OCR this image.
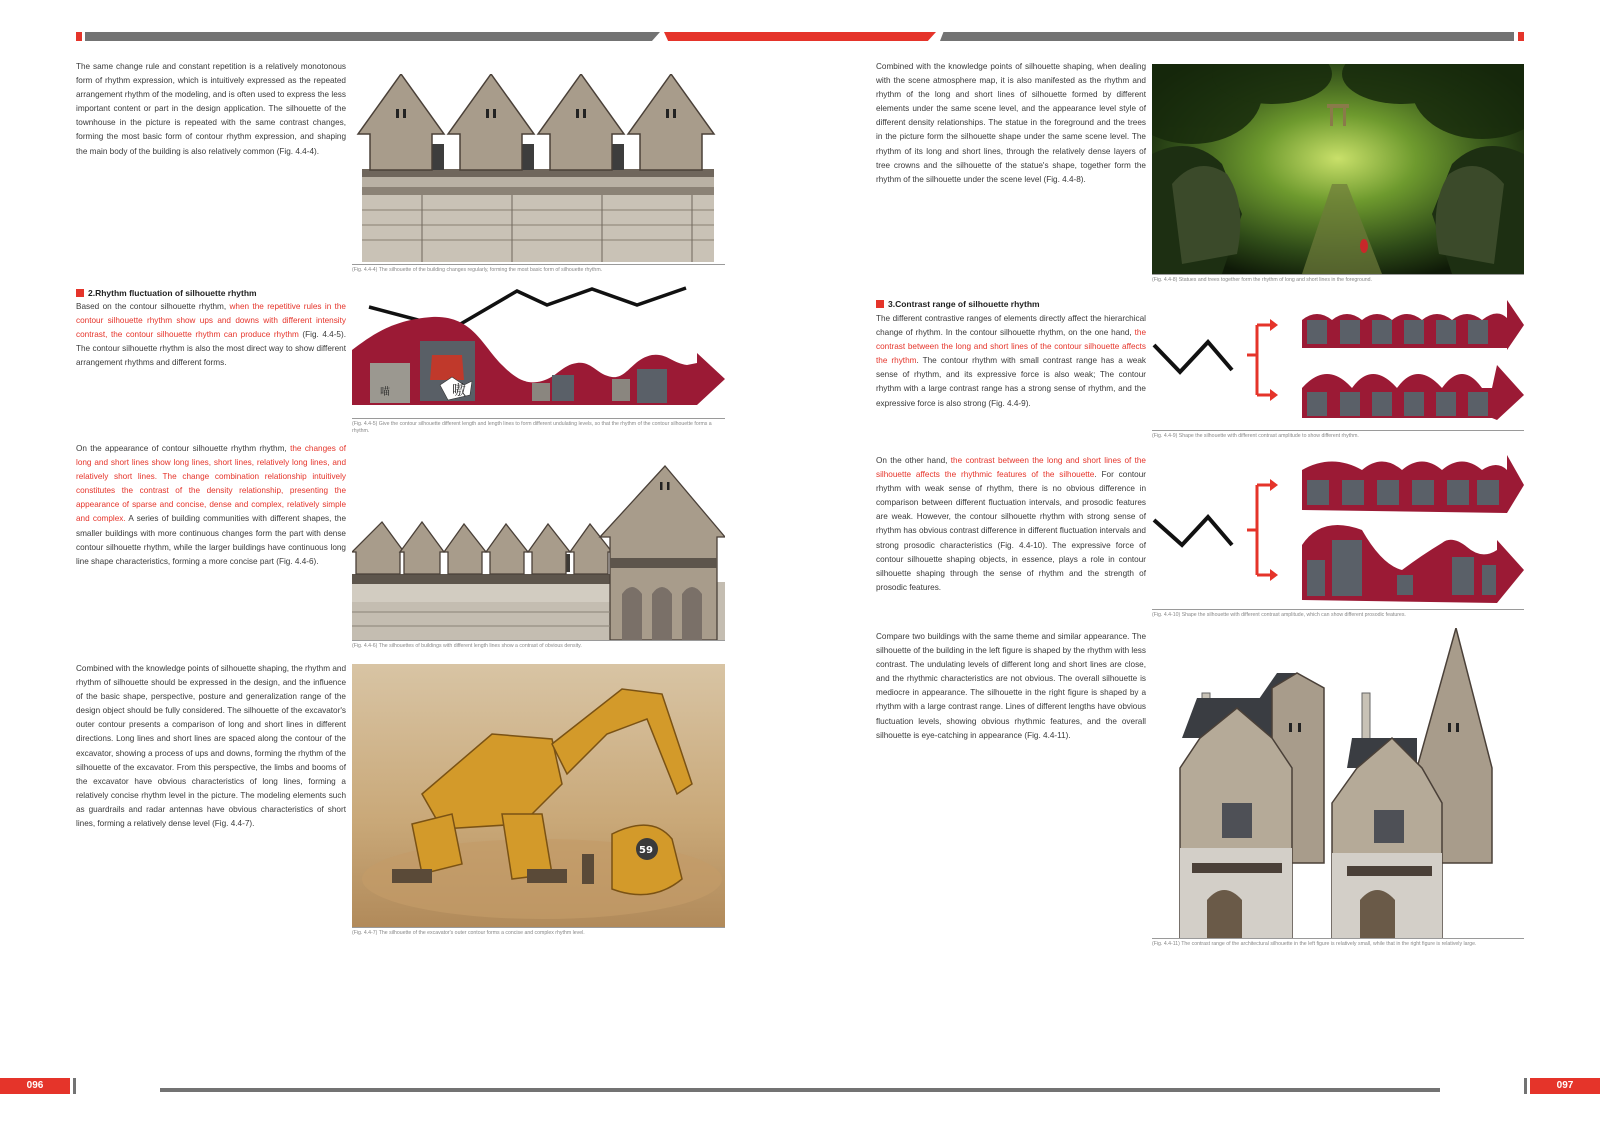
The same change rule and constant repetition is a relatively monotonous form of rhythm expression, which is intuitively expressed as the repeated arrangement rhythm of the modeling, and is often used to express the less important content or part in the design application. The silhouette of the townhouse in the picture is repeated with the same contrast changes, forming the most basic form of contour rhythm expression, and shaping the main body of the building is also relatively common (Fig. 4.4-4).
(Fig. 4.4-4) The silhouette of the building changes regularly, forming the most basic form of silhouette rhythm.
2.Rhythm fluctuation of silhouette rhythm
Based on the contour silhouette rhythm, when the repetitive rules in the contour silhouette rhythm show ups and downs with different intensity contrast, the contour silhouette rhythm can produce rhythm (Fig. 4.4-5). The contour silhouette rhythm is also the most direct way to show different arrangement rhythms and different forms.
喵	嗷
(Fig. 4.4-5) Give the contour silhouette different length and length lines to form different undulating levels, so that the rhythm of the contour silhouette forms a rhythm.
On the appearance of contour silhouette rhythm rhythm, the changes of long and short lines show long lines, short lines, relatively long lines, and relatively short lines. The change combination relationship intuitively constitutes the contrast of the density relationship, presenting the appearance of sparse and concise, dense and complex, relatively simple and complex. A series of building communities with different shapes, the smaller buildings with more continuous changes form the part with dense contour silhouette rhythm, while the larger buildings have continuous long line shape characteristics, forming a more concise part (Fig. 4.4-6).
(Fig. 4.4-6) The silhouettes of buildings with different length lines show a contrast of obvious density.
Combined with the knowledge points of silhouette shaping, the rhythm and rhythm of silhouette should be expressed in the design, and the influence of the basic shape, perspective, posture and generalization range of the design object should be fully considered. The silhouette of the excavator's outer contour presents a comparison of long and short lines in different directions. Long lines and short lines are spaced along the contour of the excavator, showing a process of ups and downs, forming the rhythm of the silhouette of the excavator. From this perspective, the limbs and booms of the excavator have obvious characteristics of long lines, forming a relatively concise rhythm level in the picture. The modeling elements such as guardrails and radar antennas have obvious characteristics of short lines, forming a relatively dense level (Fig. 4.4-7).
59
(Fig. 4.4-7) The silhouette of the excavator's outer contour forms a concise and complex rhythm level.
Combined with the knowledge points of silhouette shaping, when dealing with the scene atmosphere map, it is also manifested as the rhythm and rhythm of the long and short lines of silhouette formed by different elements under the same scene level, and the appearance level style of different density relationships. The statue in the foreground and the trees in the picture form the silhouette shape under the same scene level. The rhythm of its long and short lines, through the relatively dense layers of tree crowns and the silhouette of the statue's shape, together form the rhythm of the silhouette under the scene level (Fig. 4.4-8).
(Fig. 4.4-8) Statues and trees together form the rhythm of long and short lines in the foreground.
3.Contrast range of silhouette rhythm
The different contrastive ranges of elements directly affect the hierarchical change of rhythm. In the contour silhouette rhythm, on the one hand, the contrast between the long and short lines of the contour silhouette affects the rhythm. The contour rhythm with small contrast range has a weak sense of rhythm, and its expressive force is also weak; The contour rhythm with a large contrast range has a strong sense of rhythm, and the expressive force is also strong (Fig. 4.4-9).
(Fig. 4.4-9) Shape the silhouette with different contrast amplitude to show different rhythm.
On the other hand, the contrast between the long and short lines of the silhouette affects the rhythmic features of the silhouette. For contour rhythm with weak sense of rhythm, there is no obvious difference in comparison between different fluctuation intervals, and prosodic features are weak. However, the contour silhouette rhythm with strong sense of rhythm has obvious contrast difference in different fluctuation intervals and strong prosodic characteristics (Fig. 4.4-10). The expressive force of contour silhouette shaping objects, in essence, plays a role in contour silhouette shaping through the sense of rhythm and the strength of prosodic features.
(Fig. 4.4-10) Shape the silhouette with different contrast amplitude, which can show different prosodic features.
Compare two buildings with the same theme and similar appearance. The silhouette of the building in the left figure is shaped by the rhythm with less contrast. The undulating levels of different long and short lines are close, and the rhythmic characteristics are not obvious. The overall silhouette is mediocre in appearance. The silhouette in the right figure is shaped by a rhythm with a large contrast range. Lines of different lengths have obvious fluctuation levels, showing obvious rhythmic features, and the overall silhouette is eye-catching in appearance (Fig. 4.4-11).
(Fig. 4.4-11) The contrast range of the architectural silhouette in the left figure is relatively small, while that in the right figure is relatively large.
096	097
